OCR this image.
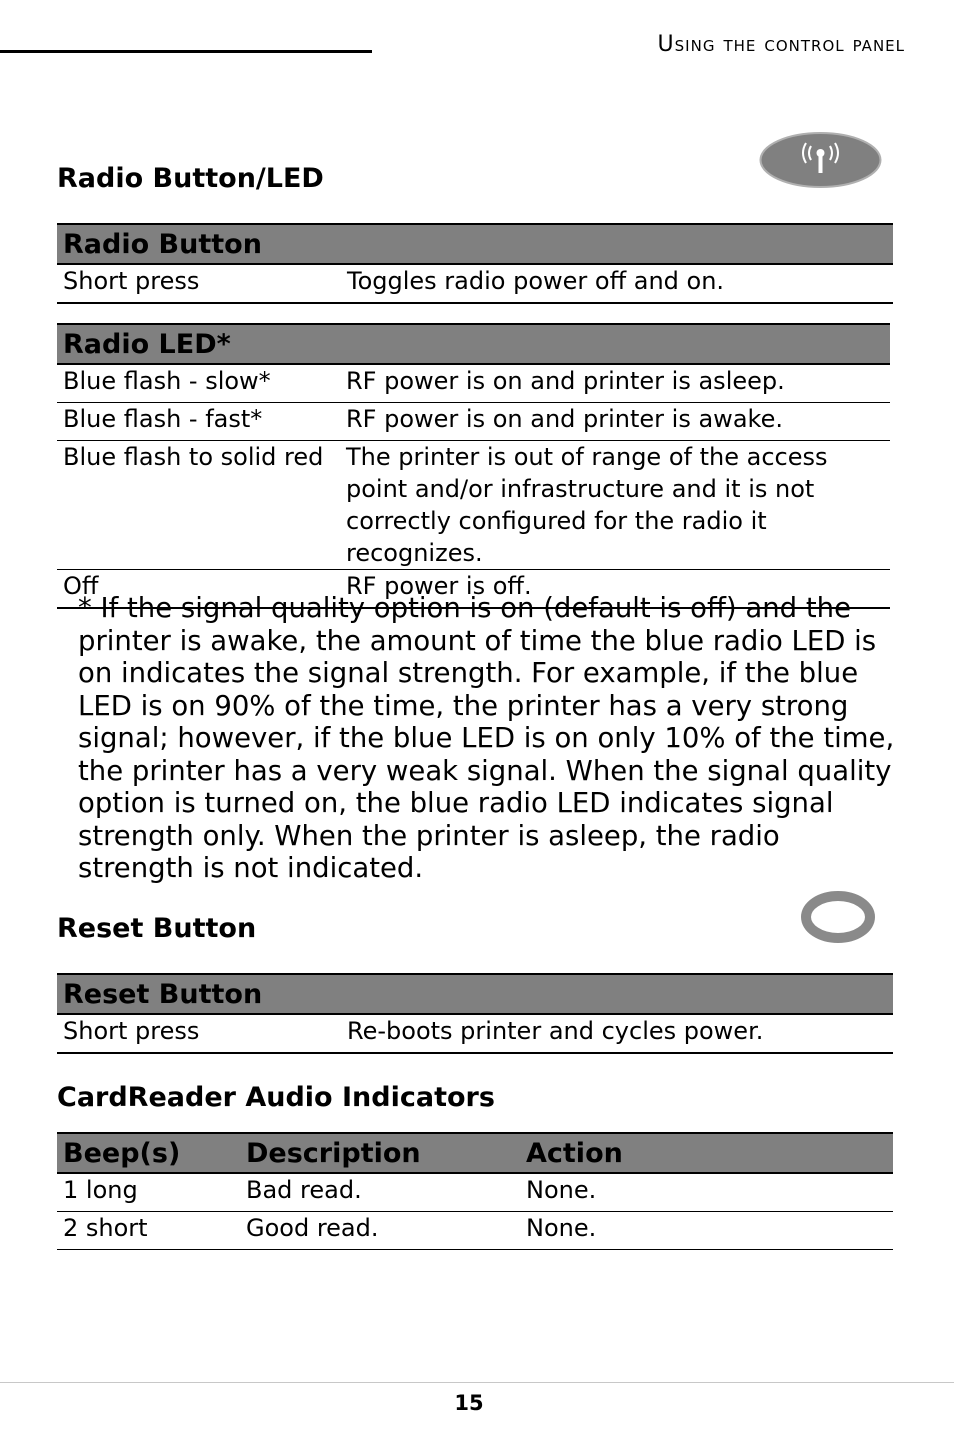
Using the control panel
Radio Button/LED
Radio Button
Short press	Toggles radio power off and on.
Radio LED*	
Blue flash - slow*	RF power is on and printer is asleep.
Blue flash - fast*	RF power is on and printer is awake.
Blue flash to solid red	The printer is out of range of the access point and/or infrastructure and it is not correctly configured for the radio it recognizes.
Off	RF power is off.

* If the signal quality option is on (default is off) and the printer is awake, the amount of time the blue radio LED is on indicates the signal strength. For example, if the blue LED is on 90% of the time, the printer has a very strong signal; however, if the blue LED is on only 10% of the time, the printer has a very weak signal. When the signal quality option is turned on, the blue radio LED indicates signal strength only. When the printer is asleep, the radio strength is not indicated.

Reset Button
Reset Button
Short press	Re-boots printer and cycles power.
CardReader Audio Indicators
Beep(s)	Description	Action
1 long	Bad read.	None.
2 short	Good read.	None.
15
